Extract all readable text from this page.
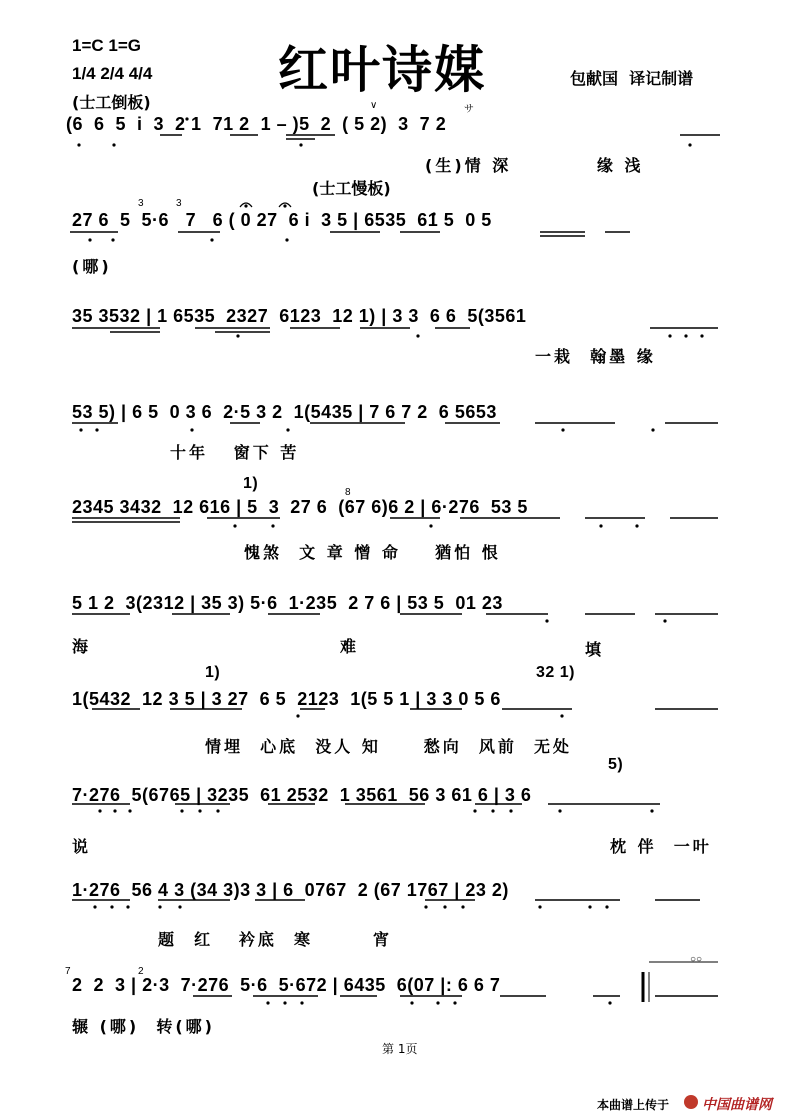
1=C 1=G
1/4 2/4 4/4	红叶诗媒	包献国  译记制谱
(士工倒板)	∨	サ
(6  6  5  i  3  2 1  71 2  1 – )5  2  ( 5 2)  3  7 2
(生)情 深          缘 浅
(士工慢板)
3	3
27 6  5  5·6   7   6 ( 0 27  6 i  3 5 | 6535  61 5  0 5
(哪)
35 3532 | 1 6535  2327  6123  12 1) | 3 3  6 6  5(3561
一栽  翰墨 缘
53 5) | 6 5  0 3 6  2·5 3 2  1(5435 | 7 6 7 2  6 5653
十年   窗下 苦
1)
8
2345 3432  12 616 | 5  3  27 6  (67 6)6 2 | 6·276  53 5
愧煞  文 章 憎 命    猶怕 恨
5 1 2  3(2312 | 35 3) 5·6  1·235  2 7 6 | 53 5  01 23
海	难	填
1)	32 1)
1(5432  12 3 5 | 3 27  6 5  2123  1(5 5 1 | 3 3 0 5 6
情埋  心底  没人 知     愁向  风前  无处
5)
7·276  5(6765 | 3235  61 2532  1 3561  56 3 61 6 | 3 6
说	枕 伴  一叶
1·276  56 4 3 (34 3)3 3 | 6  0767  2 (67 1767 | 23 2)
题  红   衿底  寒       宵
7	2
○○
2  2  3 | 2·3  7·276  5·6  5·672 | 6435  6(07 |: 6 6 7
辗 (哪)  转(哪)
第 1页
本曲谱上传于 中国曲谱网
